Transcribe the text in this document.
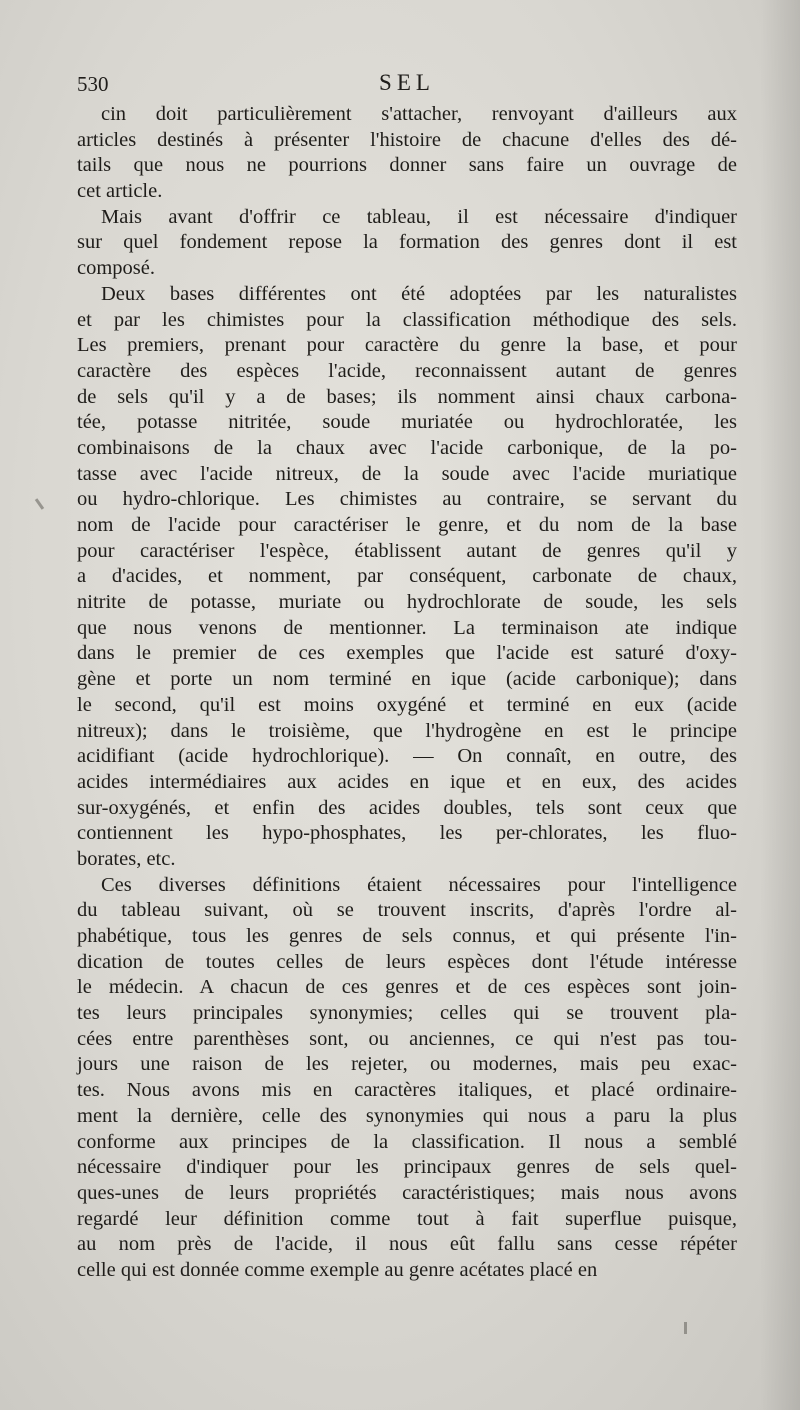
530	SEL
cin doit particulièrement s'attacher, renvoyant d'ailleurs aux
articles destinés à présenter l'histoire de chacune d'elles des dé-
tails que nous ne pourrions donner sans faire un ouvrage de
cet article.
Mais avant d'offrir ce tableau, il est nécessaire d'indiquer
sur quel fondement repose la formation des genres dont il est
composé.
Deux bases différentes ont été adoptées par les naturalistes
et par les chimistes pour la classification méthodique des sels.
Les premiers, prenant pour caractère du genre la base, et pour
caractère des espèces l'acide, reconnaissent autant de genres
de sels qu'il y a de bases; ils nomment ainsi chaux carbona-
tée, potasse nitritée, soude muriatée ou hydrochloratée, les
combinaisons de la chaux avec l'acide carbonique, de la po-
tasse avec l'acide nitreux, de la soude avec l'acide muriatique
ou hydro-chlorique. Les chimistes au contraire, se servant du
nom de l'acide pour caractériser le genre, et du nom de la base
pour caractériser l'espèce, établissent autant de genres qu'il y
a d'acides, et nomment, par conséquent, carbonate de chaux,
nitrite de potasse, muriate ou hydrochlorate de soude, les sels
que nous venons de mentionner. La terminaison ate indique
dans le premier de ces exemples que l'acide est saturé d'oxy-
gène et porte un nom terminé en ique (acide carbonique); dans
le second, qu'il est moins oxygéné et terminé en eux (acide
nitreux); dans le troisième, que l'hydrogène en est le principe
acidifiant (acide hydrochlorique). — On connaît, en outre, des
acides intermédiaires aux acides en ique et en eux, des acides
sur-oxygénés, et enfin des acides doubles, tels sont ceux que
contiennent les hypo-phosphates, les per-chlorates, les fluo-
borates, etc.
Ces diverses définitions étaient nécessaires pour l'intelligence
du tableau suivant, où se trouvent inscrits, d'après l'ordre al-
phabétique, tous les genres de sels connus, et qui présente l'in-
dication de toutes celles de leurs espèces dont l'étude intéresse
le médecin. A chacun de ces genres et de ces espèces sont join-
tes leurs principales synonymies; celles qui se trouvent pla-
cées entre parenthèses sont, ou anciennes, ce qui n'est pas tou-
jours une raison de les rejeter, ou modernes, mais peu exac-
tes. Nous avons mis en caractères italiques, et placé ordinaire-
ment la dernière, celle des synonymies qui nous a paru la plus
conforme aux principes de la classification. Il nous a semblé
nécessaire d'indiquer pour les principaux genres de sels quel-
ques-unes de leurs propriétés caractéristiques; mais nous avons
regardé leur définition comme tout à fait superflue puisque,
au nom près de l'acide, il nous eût fallu sans cesse répéter
celle qui est donnée comme exemple au genre acétates placé en
